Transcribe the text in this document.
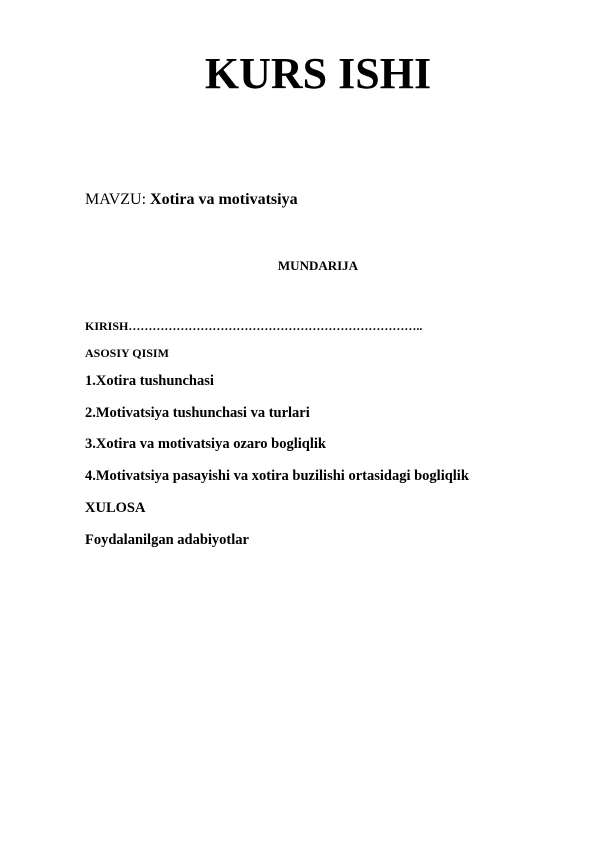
KURS ISHI
MAVZU: Xotira va motivatsiya
MUNDARIJA
KIRISH………………………………………………………………..
ASOSIY QISIM
1.Xotira tushunchasi
2.Motivatsiya tushunchasi va turlari
3.Xotira va motivatsiya ozaro bogliqlik
4.Motivatsiya pasayishi va xotira buzilishi ortasidagi bogliqlik
XULOSA
Foydalanilgan adabiyotlar
